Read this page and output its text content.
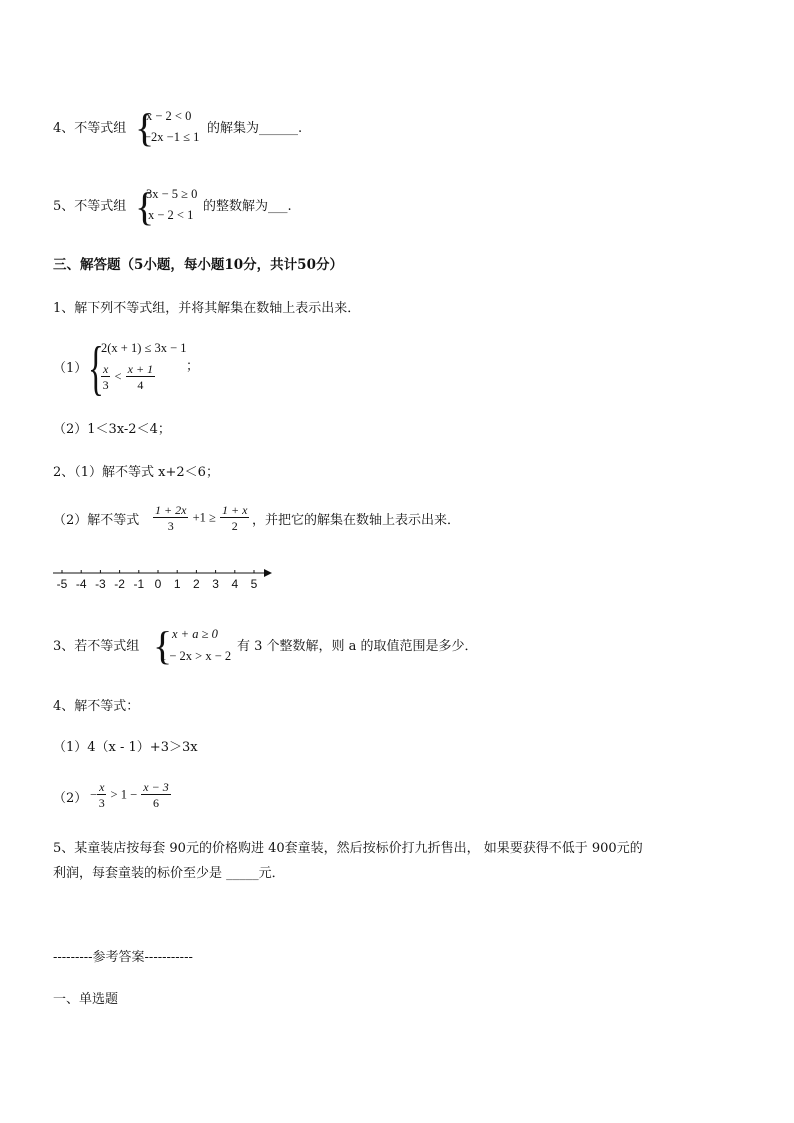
4、不等式组 {
x − 2 < 0
−2x −1 ≤ 1
的解集为______.
{
5、不等式组
3x − 5 ≥ 0
x − 2 < 1
的整数解为___.
三、解答题（5小题，每小题10分，共计50分）
1、解下列不等式组，并将其解集在数轴上表示出来．
（1） {
2(x + 1) ≤ 3x − 1
$\frac{x}{3} < \frac{x + 1}{4}$ ；
（2）1＜3x-2＜4；
2、（1）解不等式 x+2＜6；
（2）解不等式 $\frac{1 + 2x}{3} +1 \ge \frac{1 + x}{2}$ ，并把它的解集在数轴上表示出来．
-5 -4 -3 -2 -1 0 1 2 3 4 5
3、若不等式组 { x + a ≥ 0
1 − 2x > x − 2
有 3 个整数解，则 a 的取值范围是多少．
4、解不等式：
（1）4（x - 1）+3＞3x
$(2) - \frac{x}{3} > 1 - \frac{x - 3}{6}$
5、某童装店按每套 90元的价格购进 40套童装，然后按标价打九折售出， 如果要获得不低于 900元的
利润，每套童装的标价至少是 _____元．
---------参考答案-----------
一、单选题
